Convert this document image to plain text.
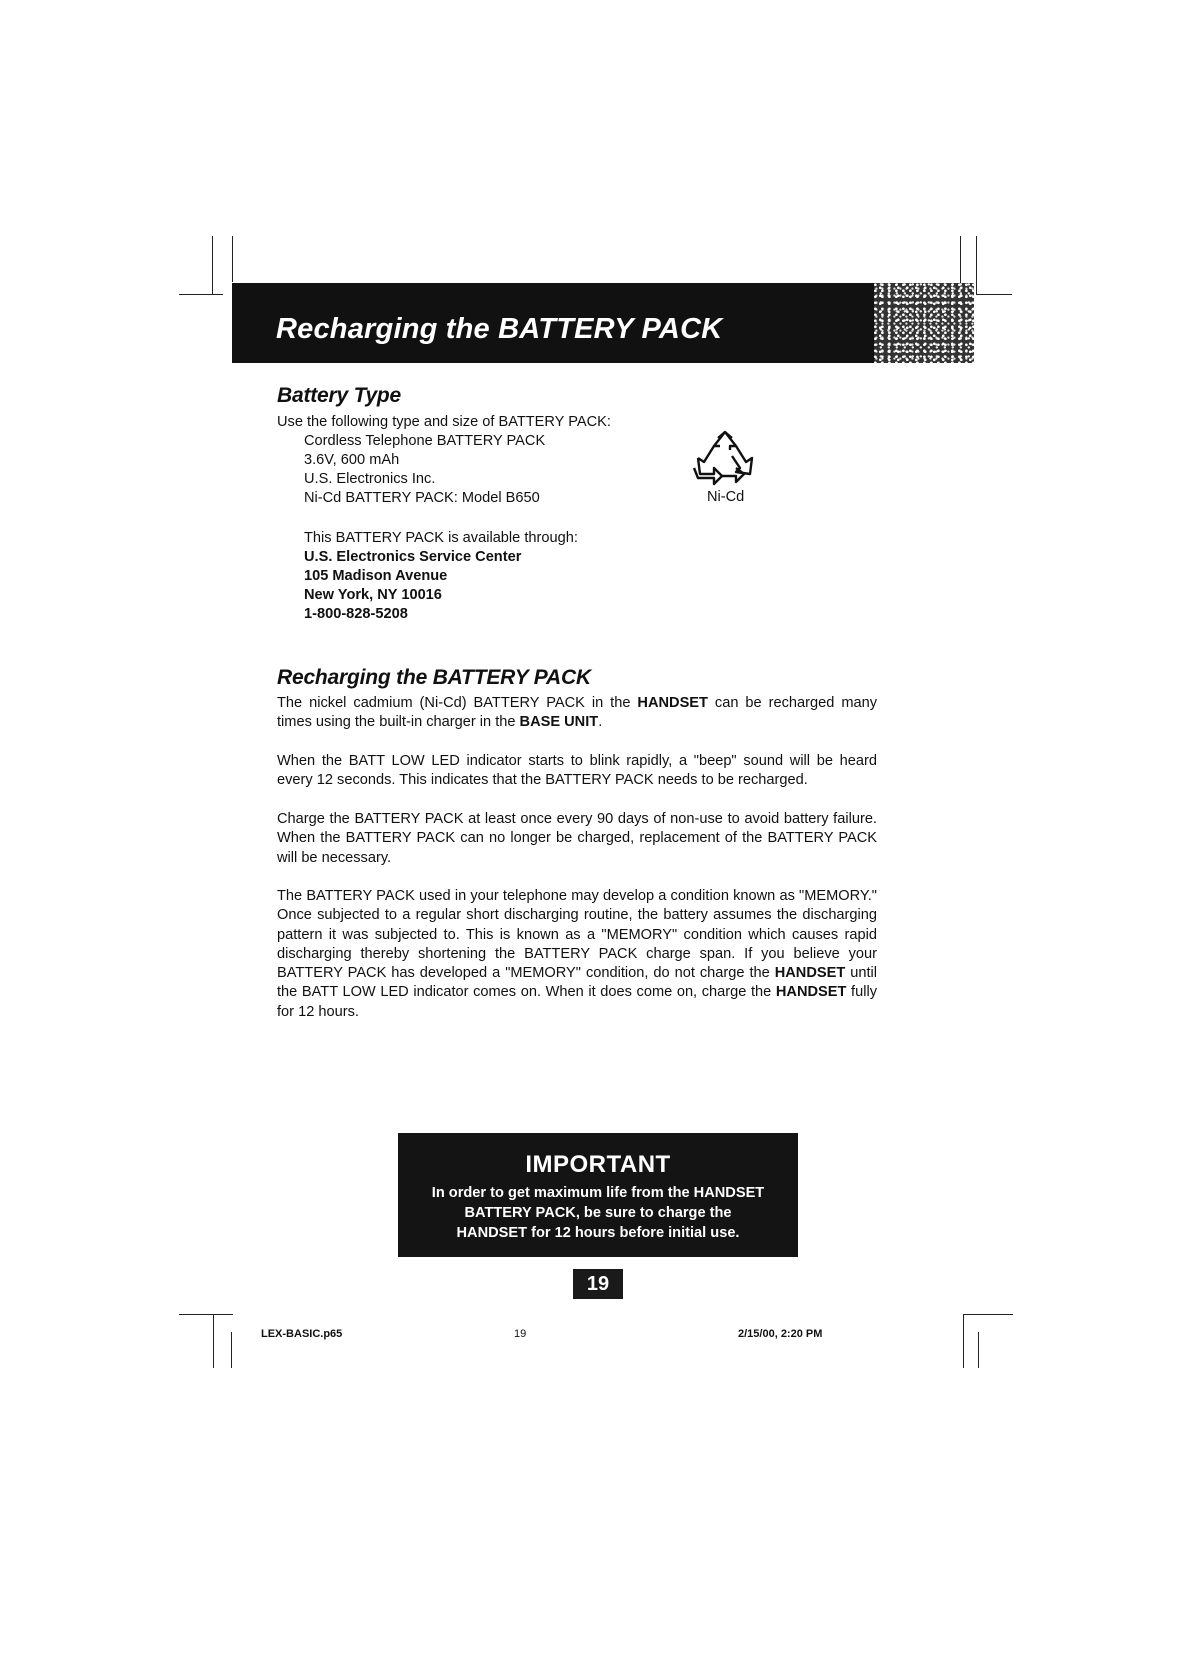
Recharging the BATTERY PACK
Battery Type
Use the following type and size of BATTERY PACK:
Cordless Telephone BATTERY PACK
3.6V, 600 mAh
U.S. Electronics Inc.
Ni-Cd BATTERY PACK: Model B650	Ni-Cd
This BATTERY PACK is available through:
U.S. Electronics Service Center
105 Madison Avenue
New York, NY 10016
1-800-828-5208
Recharging the BATTERY PACK
The nickel cadmium (Ni-Cd) BATTERY PACK in the HANDSET can be recharged many times using the built-in charger in the BASE UNIT.
When the BATT LOW LED indicator starts to blink rapidly, a "beep" sound will be heard every 12 seconds. This indicates that the BATTERY PACK needs to be recharged.
Charge the BATTERY PACK at least once every 90 days of non-use to avoid battery failure. When the BATTERY PACK can no longer be charged, replacement of the BATTERY PACK will be necessary.
The BATTERY PACK used in your telephone may develop a condition known as "MEMORY." Once subjected to a regular short discharging routine, the battery assumes the discharging pattern it was subjected to. This is known as a "MEMORY" condition which causes rapid discharging thereby shortening the BATTERY PACK charge span. If you believe your BATTERY PACK has developed a "MEMORY" condition, do not charge the HANDSET until the BATT LOW LED indicator comes on. When it does come on, charge the HANDSET fully for 12 hours.
IMPORTANT
In order to get maximum life from the HANDSET
BATTERY PACK, be sure to charge the
HANDSET for 12 hours before initial use.
19
LEX-BASIC.p65	19	2/15/00, 2:20 PM
